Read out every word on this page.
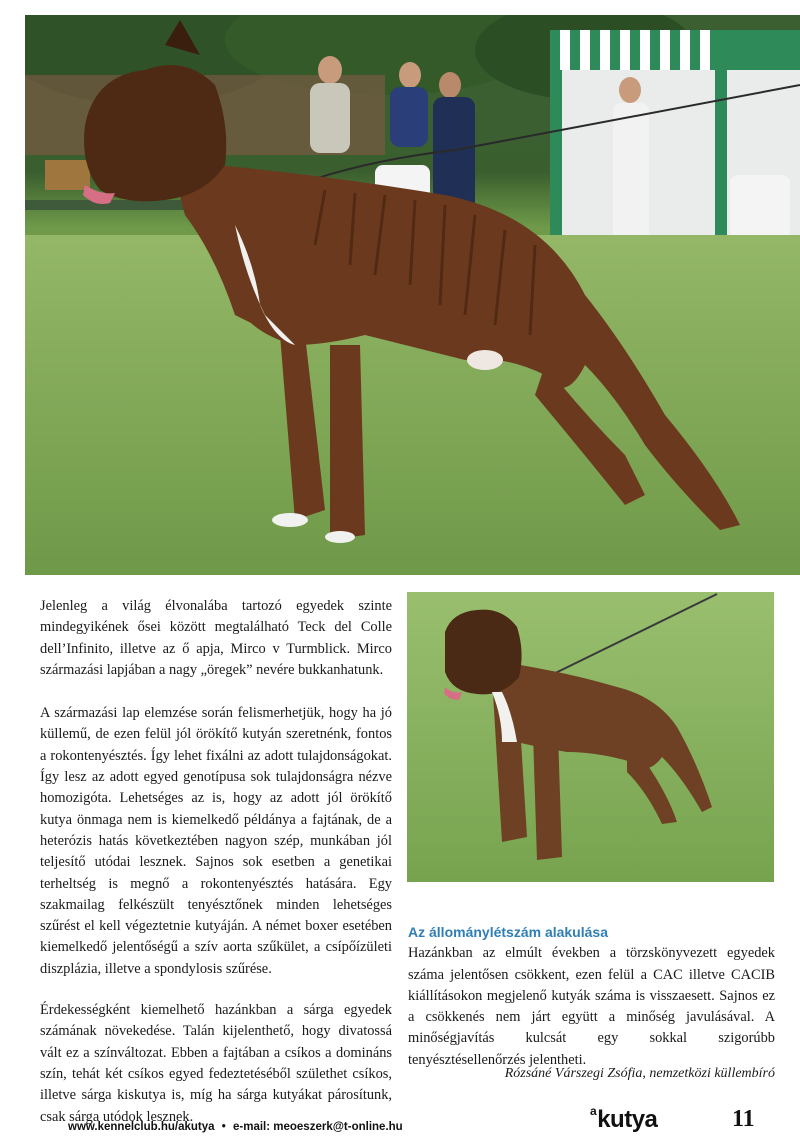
Jelenleg a világ élvonalába tartozó egyedek szinte mindegyikének ősei között megtalálható Teck del Colle dell’Infinito, illetve az ő apja, Mirco v Turmblick. Mirco származási lapjában a nagy „öregek” nevére bukkanhatunk.

A származási lap elemzése során felismerhetjük, hogy ha jó küllemű, de ezen felül jól örökítő kutyán szeretnénk, fontos a rokontenyésztés. Így lehet fixálni az adott tulajdonságokat. Így lesz az adott egyed genotípusa sok tulajdonságra nézve homozigóta. Lehetséges az is, hogy az adott jól örökítő kutya önmaga nem is kiemelkedő példánya a fajtának, de a heterózis hatás következtében nagyon szép, munkában jól teljesítő utódai lesznek. Sajnos sok esetben a genetikai terheltség is megnő a rokontenyésztés hatására. Egy szakmailag felkészült tenyésztőnek minden lehetséges szűrést el kell végeztetnie kutyáján. A német boxer esetében kiemelkedő jelentőségű a szív aorta szűkület, a csípőízületi diszplázia, illetve a spondylosis szűrése.

Érdekességként kiemelhető hazánkban a sárga egyedek számának növekedése. Talán kijelenthető, hogy divatossá vált ez a színváltozat. Ebben a fajtában a csíkos a domináns szín, tehát két csíkos egyed fedeztetéséből születhet csíkos, illetve sárga kiskutya is, míg ha sárga kutyákat párosítunk, csak sárga utódok lesznek.

Az állománylétszám alakulása

Hazánkban az elmúlt években a törzskönyvezett egyedek száma jelentősen csökkent, ezen felül a CAC illetve CACIB kiállításokon megjelenő kutyák száma is visszaesett. Sajnos ez a csökkenés nem járt együtt a minőség javulásával. A minőségjavítás kulcsát egy sokkal szigorúbb tenyésztésellenőrzés jelentheti.

Rózsáné Várszegi Zsófia, nemzetközi küllembíró
www.kennelclub.hu/akutya • e-mail: meoeszerk@t-online.hu
$^a$kutya	11
